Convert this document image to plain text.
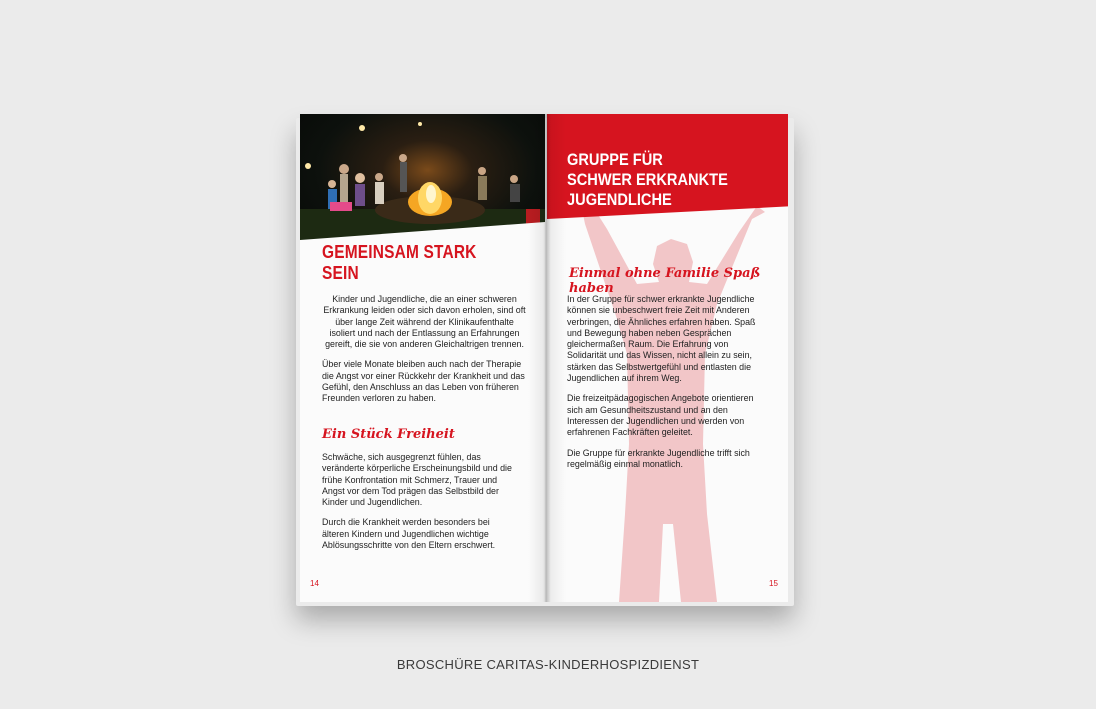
GEMEINSAM STARK SEIN

Kinder und Jugendliche, die an einer schweren Erkrankung leiden oder sich davon erholen, sind oft über lange Zeit während der Klinikaufenthalte isoliert und nach der Entlassung an Erfahrungen gereift, die sie von anderen Gleichaltrigen trennen.

Über viele Monate bleiben auch nach der Therapie die Angst vor einer Rückkehr der Krankheit und das Gefühl, den Anschluss an das Leben von früheren Freunden verloren zu haben.

Ein Stück Freiheit

Schwäche, sich ausgegrenzt fühlen, das veränderte körperliche Erscheinungsbild und die frühe Konfrontation mit Schmerz, Trauer und Angst vor dem Tod prägen das Selbstbild der Kinder und Jugendlichen.

Durch die Krankheit werden besonders bei älteren Kindern und Jugendlichen wichtige Ablösungsschritte von den Eltern erschwert.

14
GRUPPE FÜR
SCHWER ERKRANKTE
JUGENDLICHE
Einmal ohne Familie Spaß haben

In der Gruppe für schwer erkrankte Jugendliche können sie unbeschwert freie Zeit mit Anderen verbringen, die Ähnliches erfahren haben. Spaß und Bewegung haben neben Gesprächen gleichermaßen Raum. Die Erfahrung von Solidarität und das Wissen, nicht allein zu sein, stärken das Selbstwertgefühl und entlasten die Jugendlichen auf ihrem Weg.

Die freizeitpädagogischen Angebote orientieren sich am Gesundheitszustand und an den Interessen der Jugendlichen und werden von erfahrenen Fachkräften geleitet.

Die Gruppe für erkrankte Jugendliche trifft sich regelmäßig einmal monatlich.

15
BROSCHÜRE CARITAS-KINDERHOSPIZDIENST
